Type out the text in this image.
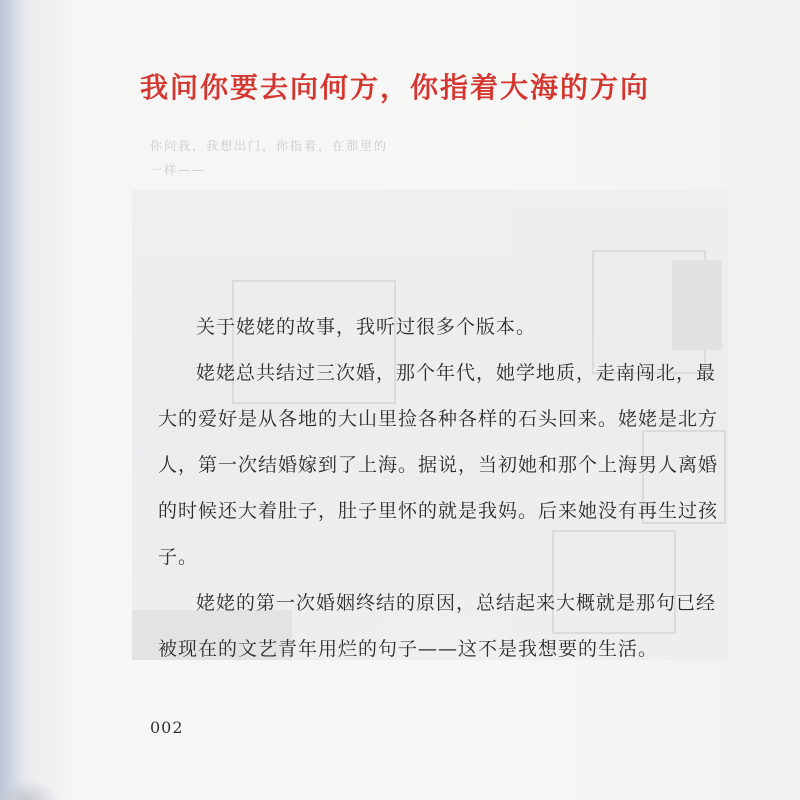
你问我，我想出门，你指着，在那里的
一样——
我问你要去向何方，你指着大海的方向

关于姥姥的故事，我听过很多个版本。

姥姥总共结过三次婚，那个年代，她学地质，走南闯北，最大的爱好是从各地的大山里捡各种各样的石头回来。姥姥是北方人，第一次结婚嫁到了上海。据说，当初她和那个上海男人离婚的时候还大着肚子，肚子里怀的就是我妈。后来她没有再生过孩子。

姥姥的第一次婚姻终结的原因，总结起来大概就是那句已经被现在的文艺青年用烂的句子——这不是我想要的生活。

002
